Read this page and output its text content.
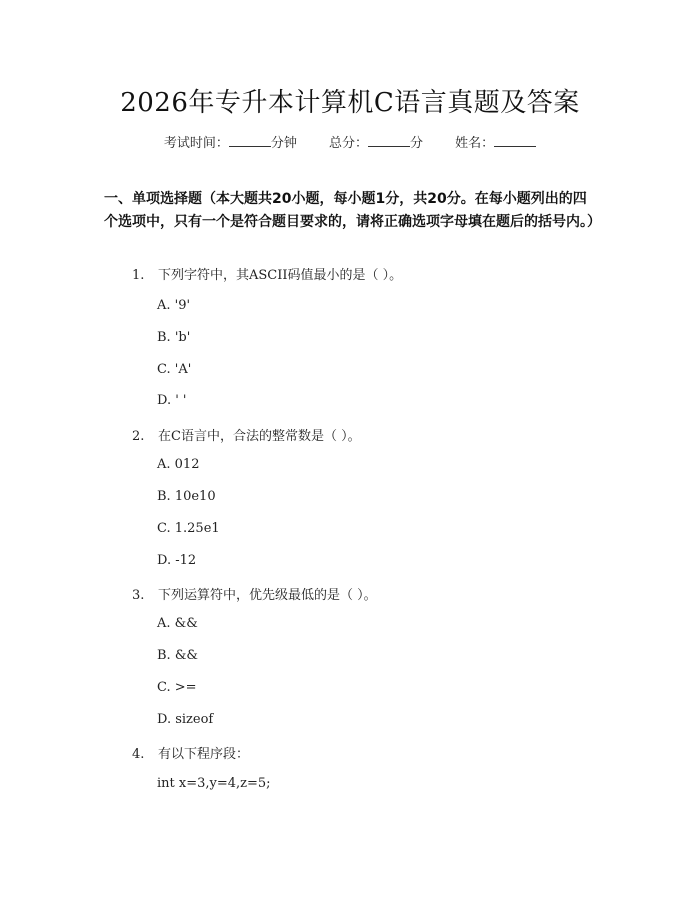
2026年专升本计算机C语言真题及答案
考试时间：	分钟 总分：	分 姓名：
一、单项选择题（本大题共20小题，每小题1分，共20分。在每小题列出的四个选项中，只有一个是符合题目要求的，请将正确选项字母填在题后的括号内。）
1. 下列字符中，其ASCII码值最小的是（ ）。
A. '9'
B. 'b'
C. 'A'
D. ' '
2. 在C语言中，合法的整常数是（ ）。
A. 012
B. 10e10
C. 1.25e1
D. -12
3. 下列运算符中，优先级最低的是（ ）。
A. &&
B. &&
C. >=
D. sizeof
4. 有以下程序段：
int x=3,y=4,z=5;
